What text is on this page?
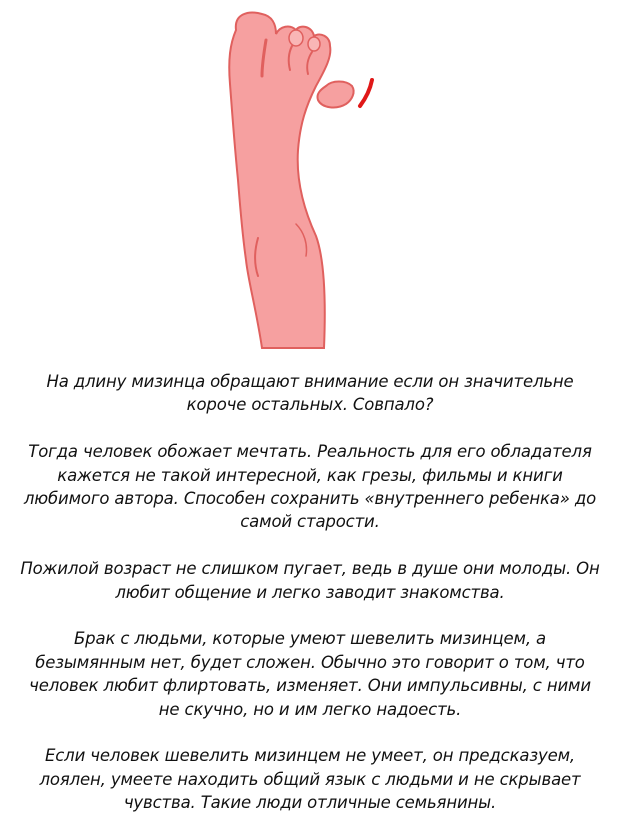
На длину мизинца обращают внимание если он значительне
короче остальных. Совпало?

Тогда человек обожает мечтать. Реальность для его обладателя
кажется не такой интересной, как грезы, фильмы и книги
любимого автора. Способен сохранить «внутреннего ребенка» до
самой старости.

Пожилой возраст не слишком пугает, ведь в душе они молоды. Он
любит общение и легко заводит знакомства.

Брак с людьми, которые умеют шевелить мизинцем, а
безымянным нет, будет сложен. Обычно это говорит о том, что
человек любит флиртовать, изменяет. Они импульсивны, с ними
не скучно, но и им легко надоесть.

Если человек шевелить мизинцем не умеет, он предсказуем,
лоялен, умеете находить общий язык с людьми и не скрывает
чувства. Такие люди отличные семьянины.
